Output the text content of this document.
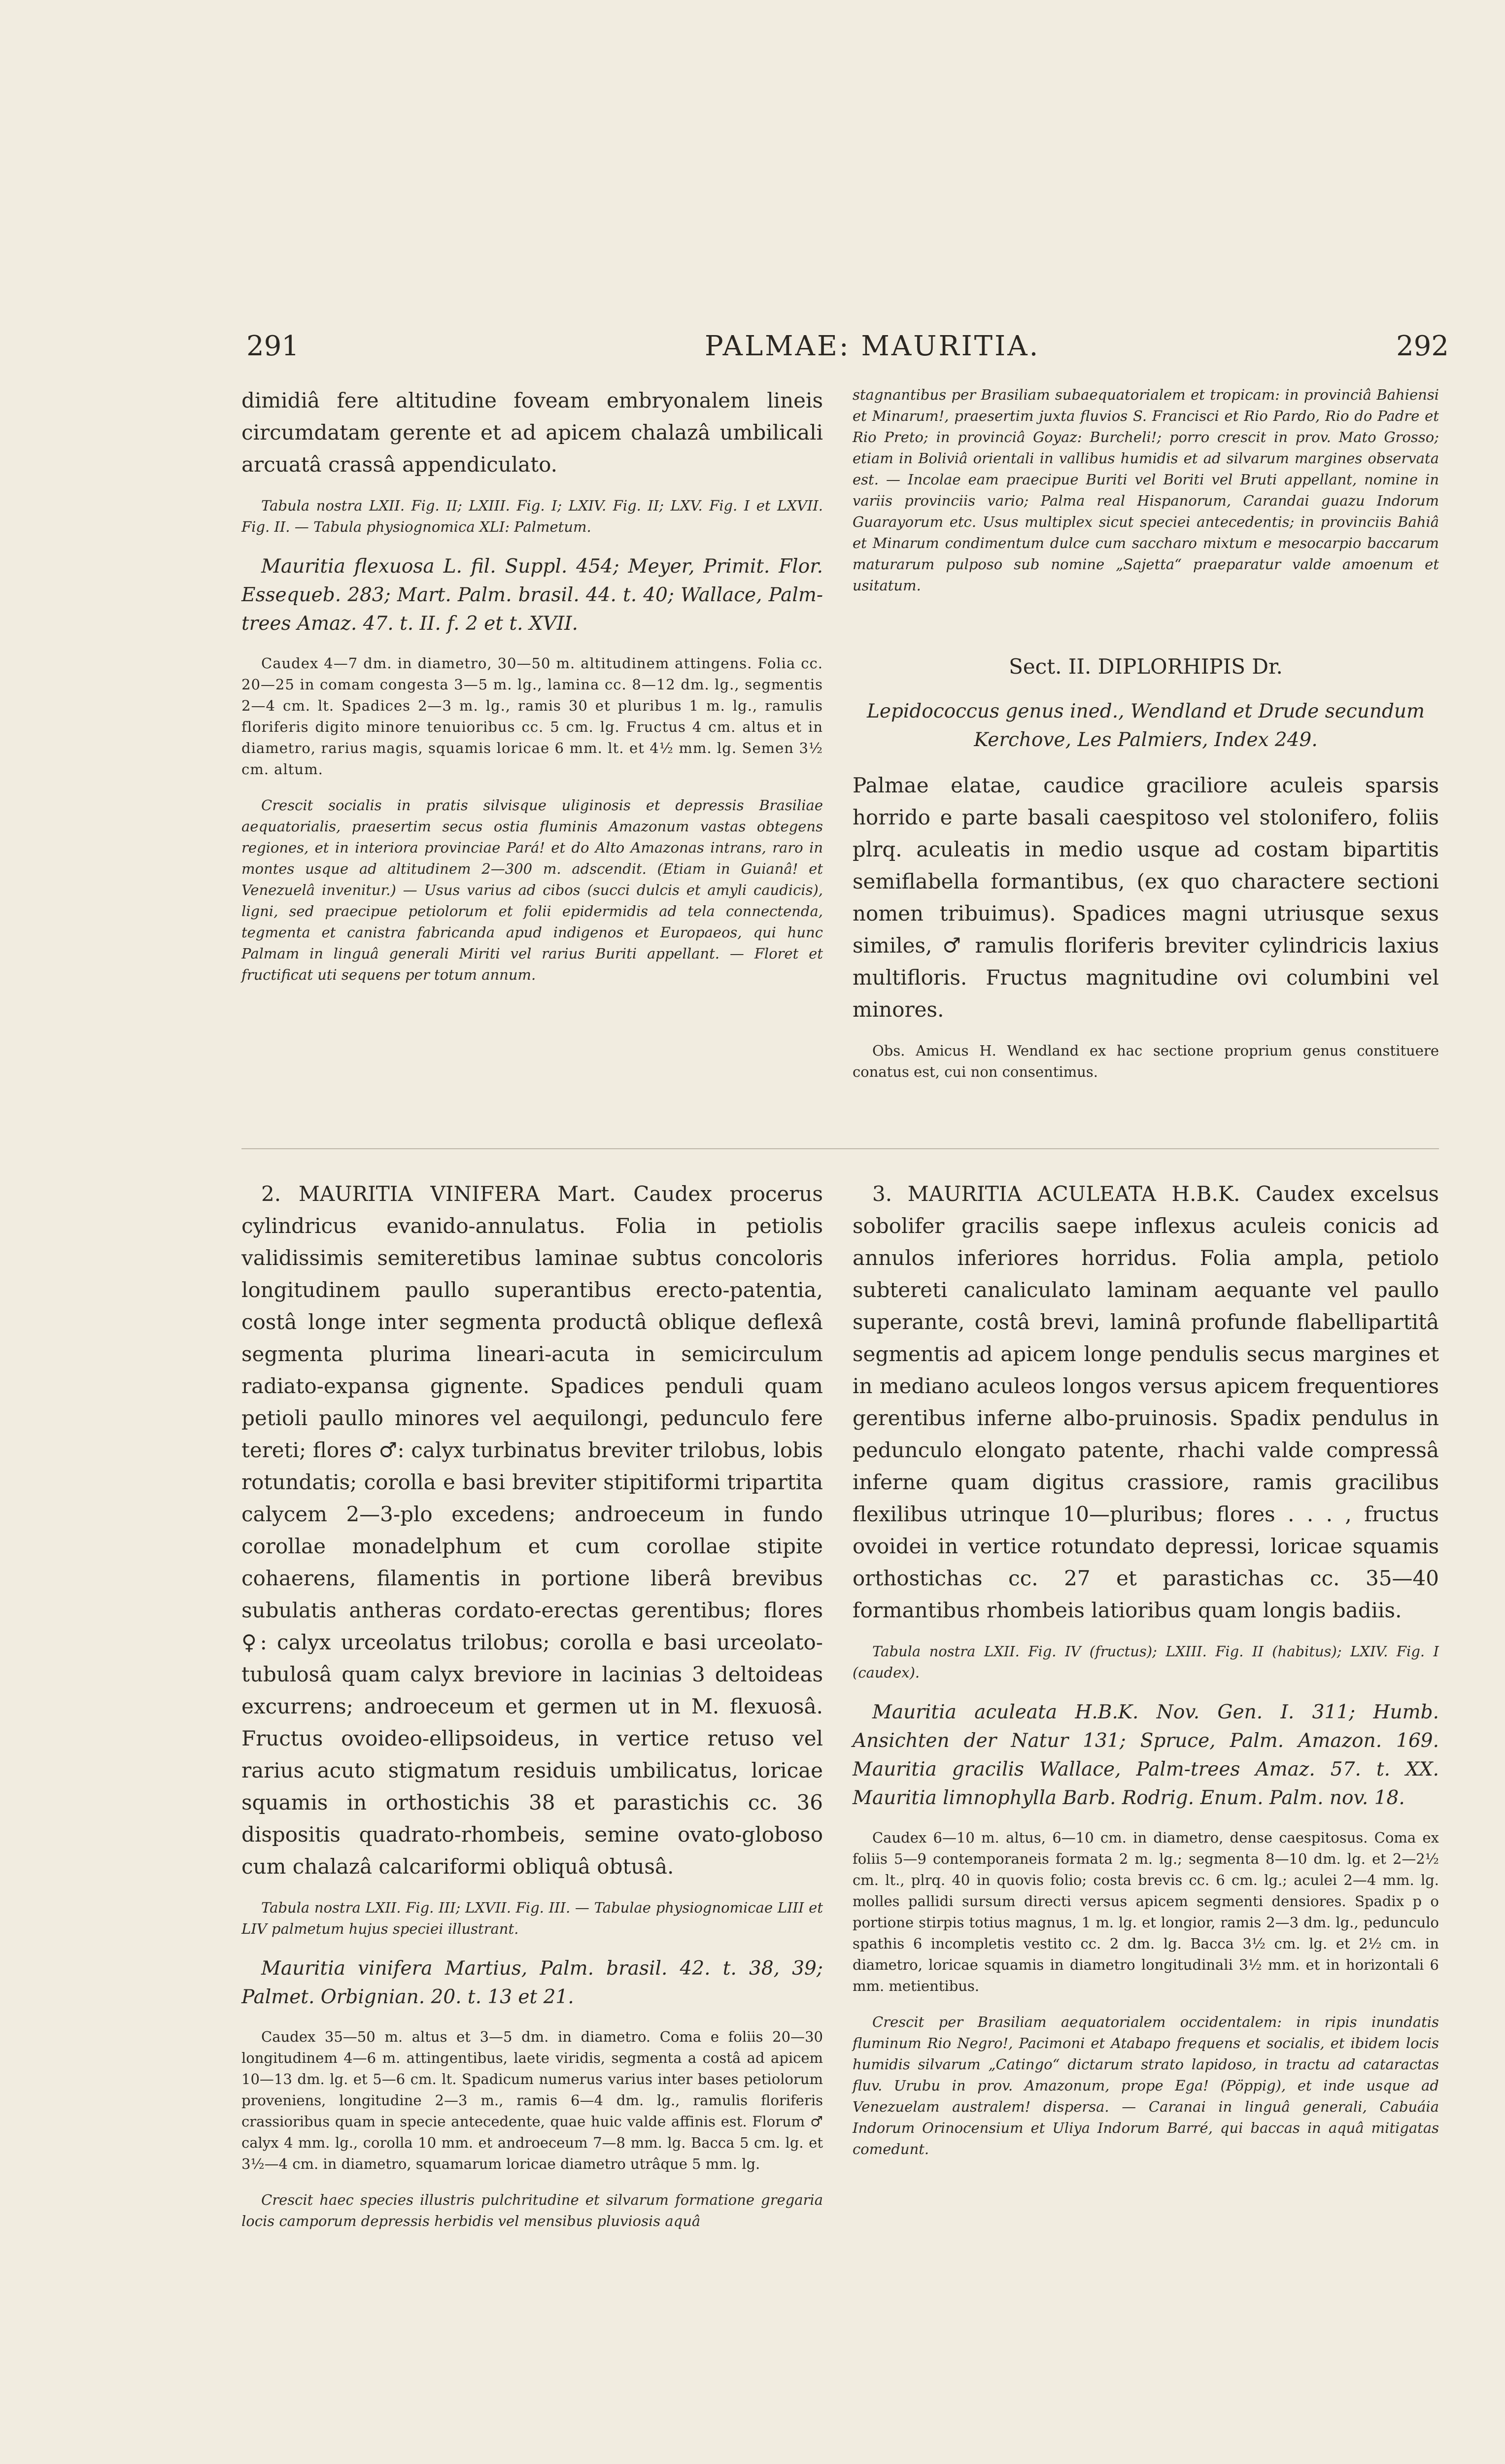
291	PALMAE: MAURITIA.	292

dimidiâ fere altitudine foveam embryonalem lineis circumdatam gerente et ad apicem chalazâ umbilicali arcuatâ crassâ appendiculato.

Tabula nostra LXII. Fig. II; LXIII. Fig. I; LXIV. Fig. II; LXV. Fig. I et LXVII. Fig. II. — Tabula physiognomica XLI: Palmetum.

Mauritia flexuosa L. fil. Suppl. 454; Meyer, Primit. Flor. Essequeb. 283; Mart. Palm. brasil. 44. t. 40; Wallace, Palm-trees Amaz. 47. t. II. f. 2 et t. XVII.

Caudex 4—7 dm. in diametro, 30—50 m. altitudinem attingens. Folia cc. 20—25 in comam congesta 3—5 m. lg., lamina cc. 8—12 dm. lg., segmentis 2—4 cm. lt. Spadices 2—3 m. lg., ramis 30 et pluribus 1 m. lg., ramulis floriferis digito minore tenuioribus cc. 5 cm. lg. Fructus 4 cm. altus et in diametro, rarius magis, squamis loricae 6 mm. lt. et 4½ mm. lg. Semen 3½ cm. altum.

Crescit socialis in pratis silvisque uliginosis et depressis Brasiliae aequatorialis, praesertim secus ostia fluminis Amazonum vastas obtegens regiones, et in interiora provinciae Pará! et do Alto Amazonas intrans, raro in montes usque ad altitudinem 2—300 m. adscendit. (Etiam in Guianâ! et Venezuelâ invenitur.) — Usus varius ad cibos (succi dulcis et amyli caudicis), ligni, sed praecipue petiolorum et folii epidermidis ad tela connectenda, tegmenta et canistra fabricanda apud indigenos et Europaeos, qui hunc Palmam in linguâ generali Miriti vel rarius Buriti appellant. — Floret et fructificat uti sequens per totum annum.

stagnantibus per Brasiliam subaequatorialem et tropicam: in provinciâ Bahiensi et Minarum!, praesertim juxta fluvios S. Francisci et Rio Pardo, Rio do Padre et Rio Preto; in provinciâ Goyaz: Burcheli!; porro crescit in prov. Mato Grosso; etiam in Boliviâ orientali in vallibus humidis et ad silvarum margines observata est. — Incolae eam praecipue Buriti vel Boriti vel Bruti appellant, nomine in variis provinciis vario; Palma real Hispanorum, Carandai guazu Indorum Guarayorum etc. Usus multiplex sicut speciei antecedentis; in provinciis Bahiâ et Minarum condimentum dulce cum saccharo mixtum e mesocarpio baccarum maturarum pulposo sub nomine „Sajetta“ praeparatur valde amoenum et usitatum.

Sect. II. DIPLORHIPIS Dr.

Lepidococcus genus ined., Wendland et Drude secundum Kerchove, Les Palmiers, Index 249.

Palmae elatae, caudice graciliore aculeis sparsis horrido e parte basali caespitoso vel stolonifero, foliis plrq. aculeatis in medio usque ad costam bipartitis semiflabella formantibus, (ex quo charactere sectioni nomen tribuimus). Spadices magni utriusque sexus similes, ♂ ramulis floriferis breviter cylindricis laxius multifloris. Fructus magnitudine ovi columbini vel minores.

Obs. Amicus H. Wendland ex hac sectione proprium genus constituere conatus est, cui non consentimus.

2. MAURITIA VINIFERA Mart. Caudex procerus cylindricus evanido-annulatus. Folia in petiolis validissimis semiteretibus laminae subtus concoloris longitudinem paullo superantibus erecto-patentia, costâ longe inter segmenta productâ oblique deflexâ segmenta plurima lineari-acuta in semicirculum radiato-expansa gignente. Spadices penduli quam petioli paullo minores vel aequilongi, pedunculo fere tereti; flores ♂: calyx turbinatus breviter trilobus, lobis rotundatis; corolla e basi breviter stipitiformi tripartita calycem 2—3-plo excedens; androeceum in fundo corollae monadelphum et cum corollae stipite cohaerens, filamentis in portione liberâ brevibus subulatis antheras cordato-erectas gerentibus; flores ♀: calyx urceolatus trilobus; corolla e basi urceolato-tubulosâ quam calyx breviore in lacinias 3 deltoideas excurrens; androeceum et germen ut in M. flexuosâ. Fructus ovoideo-ellipsoideus, in vertice retuso vel rarius acuto stigmatum residuis umbilicatus, loricae squamis in orthostichis 38 et parastichis cc. 36 dispositis quadrato-rhombeis, semine ovato-globoso cum chalazâ calcariformi obliquâ obtusâ.

Tabula nostra LXII. Fig. III; LXVII. Fig. III. — Tabulae physiognomicae LIII et LIV palmetum hujus speciei illustrant.

Mauritia vinifera Martius, Palm. brasil. 42. t. 38, 39; Palmet. Orbignian. 20. t. 13 et 21.

Caudex 35—50 m. altus et 3—5 dm. in diametro. Coma e foliis 20—30 longitudinem 4—6 m. attingentibus, laete viridis, segmenta a costâ ad apicem 10—13 dm. lg. et 5—6 cm. lt. Spadicum numerus varius inter bases petiolorum proveniens, longitudine 2—3 m., ramis 6—4 dm. lg., ramulis floriferis crassioribus quam in specie antecedente, quae huic valde affinis est. Florum ♂ calyx 4 mm. lg., corolla 10 mm. et androeceum 7—8 mm. lg. Bacca 5 cm. lg. et 3½—4 cm. in diametro, squamarum loricae diametro utrâque 5 mm. lg.

Crescit haec species illustris pulchritudine et silvarum formatione gregaria locis camporum depressis herbidis vel mensibus pluviosis aquâ

3. MAURITIA ACULEATA H.B.K. Caudex excelsus sobolifer gracilis saepe inflexus aculeis conicis ad annulos inferiores horridus. Folia ampla, petiolo subtereti canaliculato laminam aequante vel paullo superante, costâ brevi, laminâ profunde flabellipartitâ segmentis ad apicem longe pendulis secus margines et in mediano aculeos longos versus apicem frequentiores gerentibus inferne albo-pruinosis. Spadix pendulus in pedunculo elongato patente, rhachi valde compressâ inferne quam digitus crassiore, ramis gracilibus flexilibus utrinque 10—pluribus; flores . . . , fructus ovoidei in vertice rotundato depressi, loricae squamis orthostichas cc. 27 et parastichas cc. 35—40 formantibus rhombeis latioribus quam longis badiis.

Tabula nostra LXII. Fig. IV (fructus); LXIII. Fig. II (habitus); LXIV. Fig. I (caudex).

Mauritia aculeata H.B.K. Nov. Gen. I. 311; Humb. Ansichten der Natur 131; Spruce, Palm. Amazon. 169. Mauritia gracilis Wallace, Palm-trees Amaz. 57. t. XX. Mauritia limnophylla Barb. Rodrig. Enum. Palm. nov. 18.

Caudex 6—10 m. altus, 6—10 cm. in diametro, dense caespitosus. Coma ex foliis 5—9 contemporaneis formata 2 m. lg.; segmenta 8—10 dm. lg. et 2—2½ cm. lt., plrq. 40 in quovis folio; costa brevis cc. 6 cm. lg.; aculei 2—4 mm. lg. molles pallidi sursum directi versus apicem segmenti densiores. Spadix p o portione stirpis totius magnus, 1 m. lg. et longior, ramis 2—3 dm. lg., pedunculo spathis 6 incompletis vestito cc. 2 dm. lg. Bacca 3½ cm. lg. et 2½ cm. in diametro, loricae squamis in diametro longitudinali 3½ mm. et in horizontali 6 mm. metientibus.

Crescit per Brasiliam aequatorialem occidentalem: in ripis inundatis fluminum Rio Negro!, Pacimoni et Atabapo frequens et socialis, et ibidem locis humidis silvarum „Catingo“ dictarum strato lapidoso, in tractu ad cataractas fluv. Urubu in prov. Amazonum, prope Ega! (Pöppig), et inde usque ad Venezuelam australem! dispersa. — Caranai in linguâ generali, Cabuáia Indorum Orinocensium et Uliya Indorum Barré, qui baccas in aquâ mitigatas comedunt.
